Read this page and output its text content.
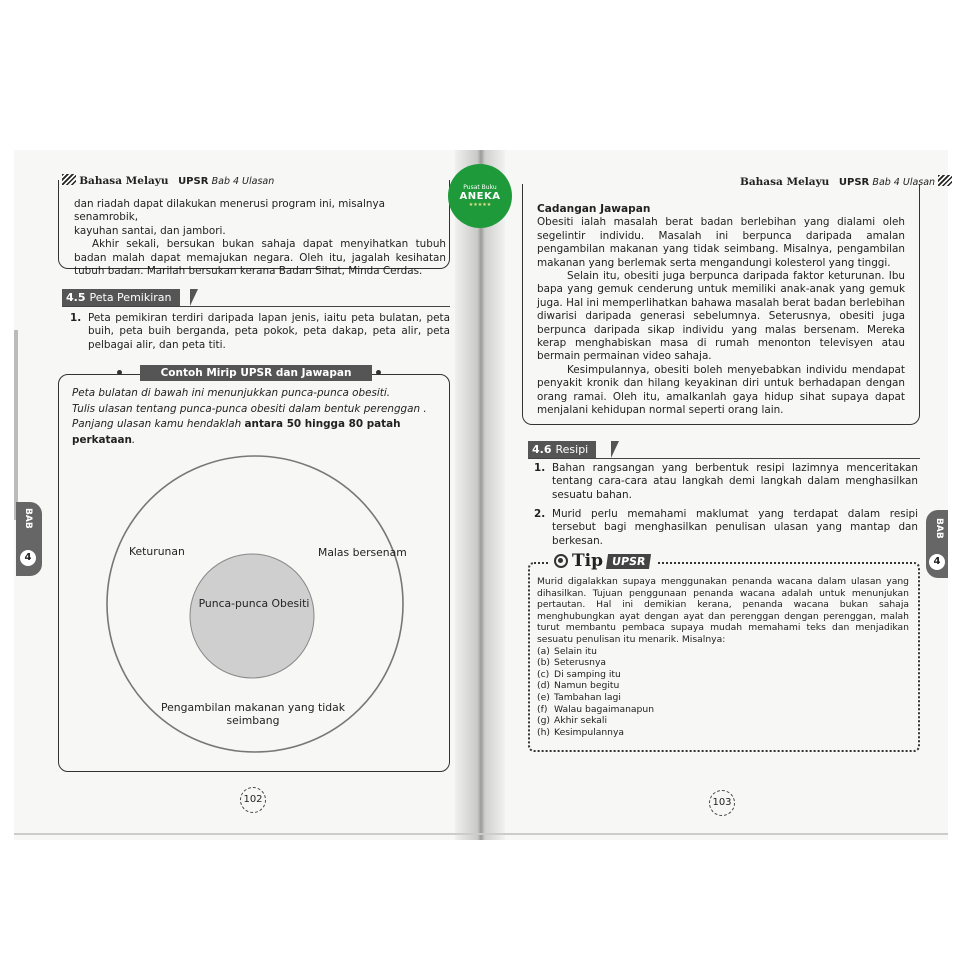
Bahasa Melayu UPSR Bab 4 Ulasan
dan riadah dapat dilakukan menerusi program ini, misalnya senamrobik,
kayuhan santai, dan jambori.
Akhir sekali, bersukan bukan sahaja dapat menyihatkan tubuh badan malah dapat memajukan negara. Oleh itu, jagalah kesihatan tubuh badan. Marilah bersukan kerana Badan Sihat, Minda Cerdas.
4.5 Peta Pemikiran
1. Peta pemikiran terdiri daripada lapan jenis, iaitu peta bulatan, peta buih, peta buih berganda, peta pokok, peta dakap, peta alir, peta pelbagai alir, dan peta titi.
Contoh Mirip UPSR dan Jawapan
Peta bulatan di bawah ini menunjukkan punca-punca obesiti.
Tulis ulasan tentang punca-punca obesiti dalam bentuk perenggan .
Panjang ulasan kamu hendaklah antara 50 hingga 80 patah perkataan.
Punca-punca Obesiti
Keturunan	Malas bersenam
Pengambilan makanan yang tidak seimbang
BAB
4
102
Bahasa Melayu UPSR Bab 4 Ulasan
Cadangan Jawapan
Obesiti ialah masalah berat badan berlebihan yang dialami oleh segelintir individu. Masalah ini berpunca daripada amalan pengambilan makanan yang tidak seimbang. Misalnya, pengambilan makanan yang berlemak serta mengandungi kolesterol yang tinggi.
Selain itu, obesiti juga berpunca daripada faktor keturunan. Ibu bapa yang gemuk cenderung untuk memiliki anak-anak yang gemuk juga. Hal ini memperlihatkan bahawa masalah berat badan berlebihan diwarisi daripada generasi sebelumnya. Seterusnya, obesiti juga berpunca daripada sikap individu yang malas bersenam. Mereka kerap menghabiskan masa di rumah menonton televisyen atau bermain permainan video sahaja.
Kesimpulannya, obesiti boleh menyebabkan individu mendapat penyakit kronik dan hilang keyakinan diri untuk berhadapan dengan orang ramai. Oleh itu, amalkanlah gaya hidup sihat supaya dapat menjalani kehidupan normal seperti orang lain.
4.6 Resipi
1. Bahan rangsangan yang berbentuk resipi lazimnya menceritakan tentang cara-cara atau langkah demi langkah dalam menghasilkan sesuatu bahan.
2. Murid perlu memahami maklumat yang terdapat dalam resipi tersebut bagi menghasilkan penulisan ulasan yang mantap dan berkesan.
Tip UPSR
Murid digalakkan supaya menggunakan penanda wacana dalam ulasan yang dihasilkan. Tujuan penggunaan penanda wacana adalah untuk menunjukan pertautan. Hal ini demikian kerana, penanda wacana bukan sahaja menghubungkan ayat dengan ayat dan perenggan dengan perenggan, malah turut membantu pembaca supaya mudah memahami teks dan menjadikan sesuatu penulisan itu menarik. Misalnya:
(a) Selain itu
(b) Seterusnya
(c) Di samping itu
(d) Namun begitu
(e) Tambahan lagi
(f) Walau bagaimanapun
(g) Akhir sekali
(h) Kesimpulannya
BAB
4
103
Pusat Buku
ANEKA
★★★★★
